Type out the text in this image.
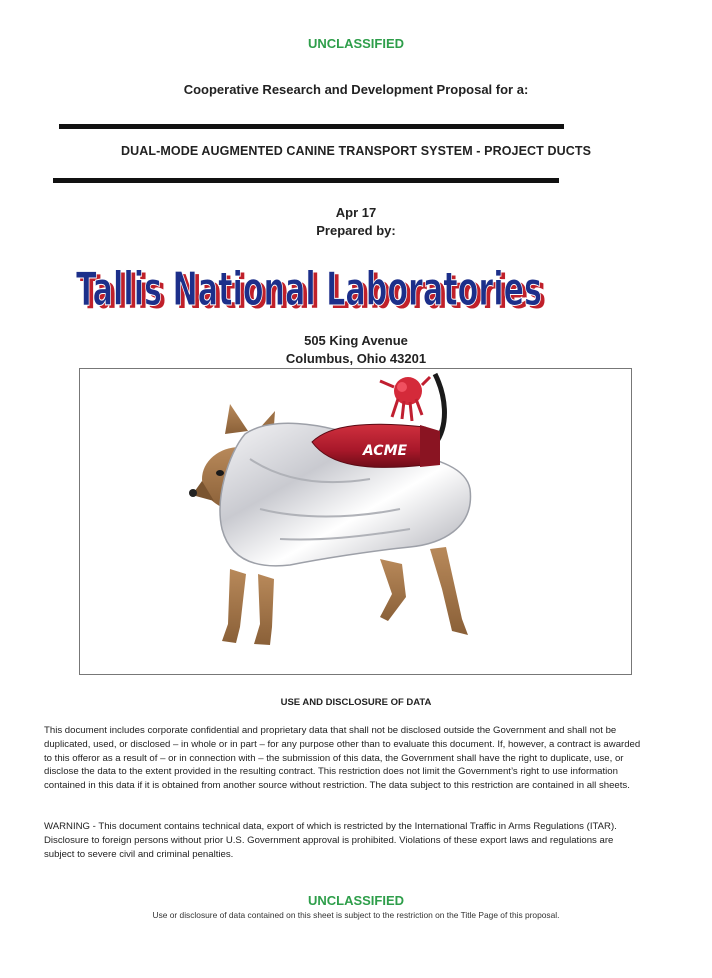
UNCLASSIFIED
Cooperative Research and Development Proposal for a:
DUAL-MODE AUGMENTED CANINE TRANSPORT SYSTEM - PROJECT DUCTS
Apr 17
Prepared by:
Tallis National Laboratories
Tallis National Laboratories
505 King Avenue
Columbus, Ohio 43201
ACME
USE AND DISCLOSURE OF DATA
This document includes corporate confidential and proprietary data that shall not be disclosed outside the Government and shall not be duplicated, used, or disclosed – in whole or in part – for any purpose other than to evaluate this document. If, however, a contract is awarded to this offeror as a result of – or in connection with – the submission of this data, the Government shall have the right to duplicate, use, or disclose the data to the extent provided in the resulting contract. This restriction does not limit the Government’s right to use information contained in this data if it is obtained from another source without restriction. The data subject to this restriction are contained in all sheets.
WARNING - This document contains technical data, export of which is restricted by the International Traffic in Arms Regulations (ITAR). Disclosure to foreign persons without prior U.S. Government approval is prohibited. Violations of these export laws and regulations are subject to severe civil and criminal penalties.
UNCLASSIFIED
Use or disclosure of data contained on this sheet is subject to the restriction on the Title Page of this proposal.
